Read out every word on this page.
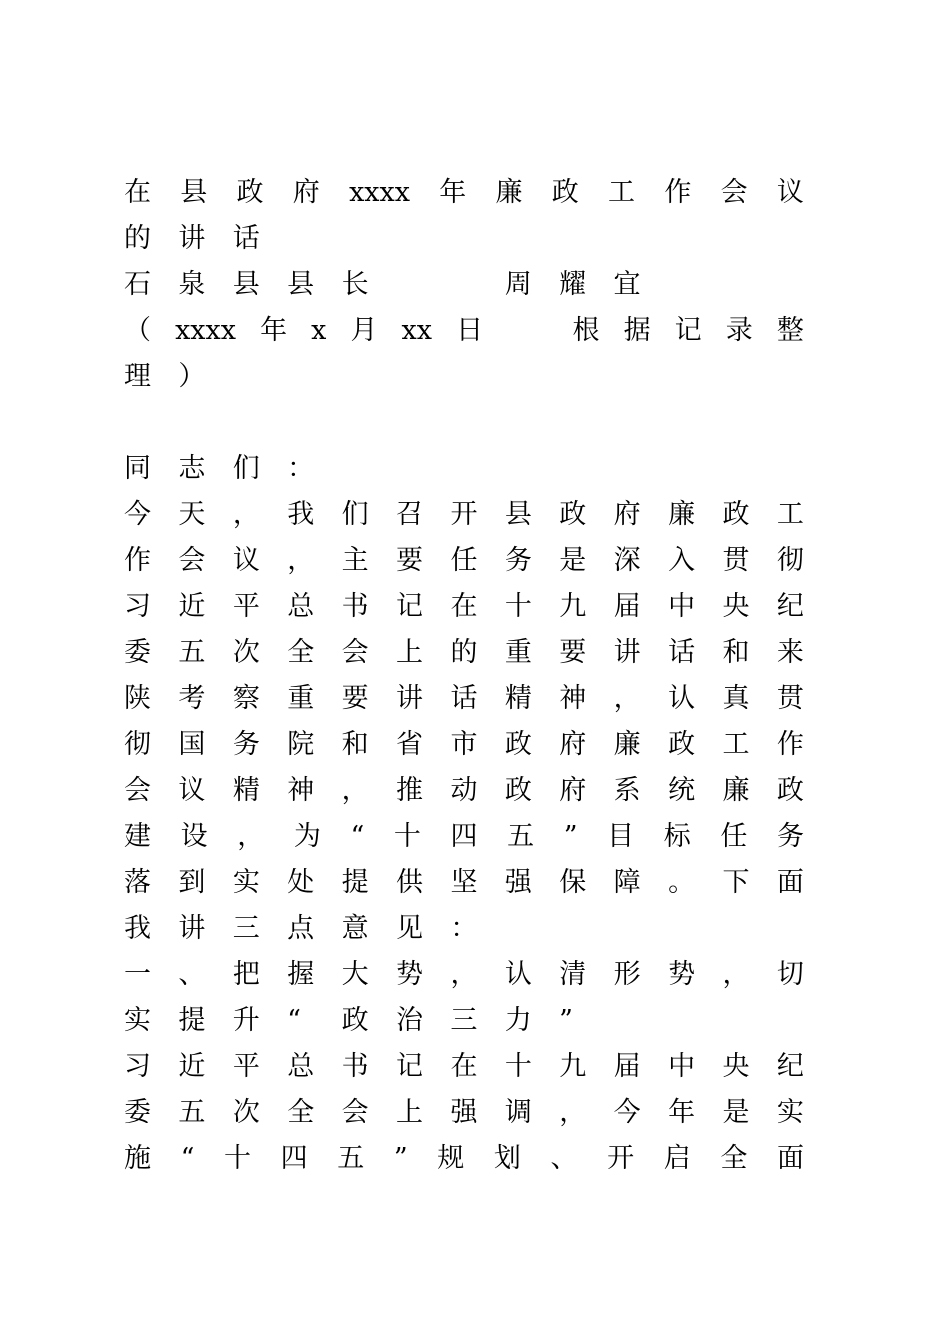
在 县 政 府 xxxx 年 廉 政 工 作 会 议
的	讲	话
石	泉	县	县	长

	周	耀	宜
（ xxxx 年 x 月 xx 日

	根 据 记 录 整
理	）
同	志	们	：
今 天 ， 我 们 召 开 县 政 府 廉 政 工
作 会 议 ， 主 要 任 务 是 深 入 贯 彻
习 近 平 总 书 记 在 十 九 届 中 央 纪
委 五 次 全 会 上 的 重 要 讲 话 和 来
陕 考 察 重 要 讲 话 精 神 ， 认 真 贯
彻 国 务 院 和 省 市 政 府 廉 政 工 作
会 议 精 神 ， 推 动 政 府 系 统 廉 政
建 设 ， 为 “ 十 四 五 ” 目 标 任 务
落 到 实 处 提 供 坚 强 保 障 。 下 面
我	讲	三	点	意	见	：
一 、 把 握 大 势 ， 认 清 形 势 ， 切
实	提	升	“	政	治	三	力	”
习 近 平 总 书 记 在 十 九 届 中 央 纪
委 五 次 全 会 上 强 调 ， 今 年 是 实
施 “ 十 四 五 ” 规 划 、 开 启 全 面
